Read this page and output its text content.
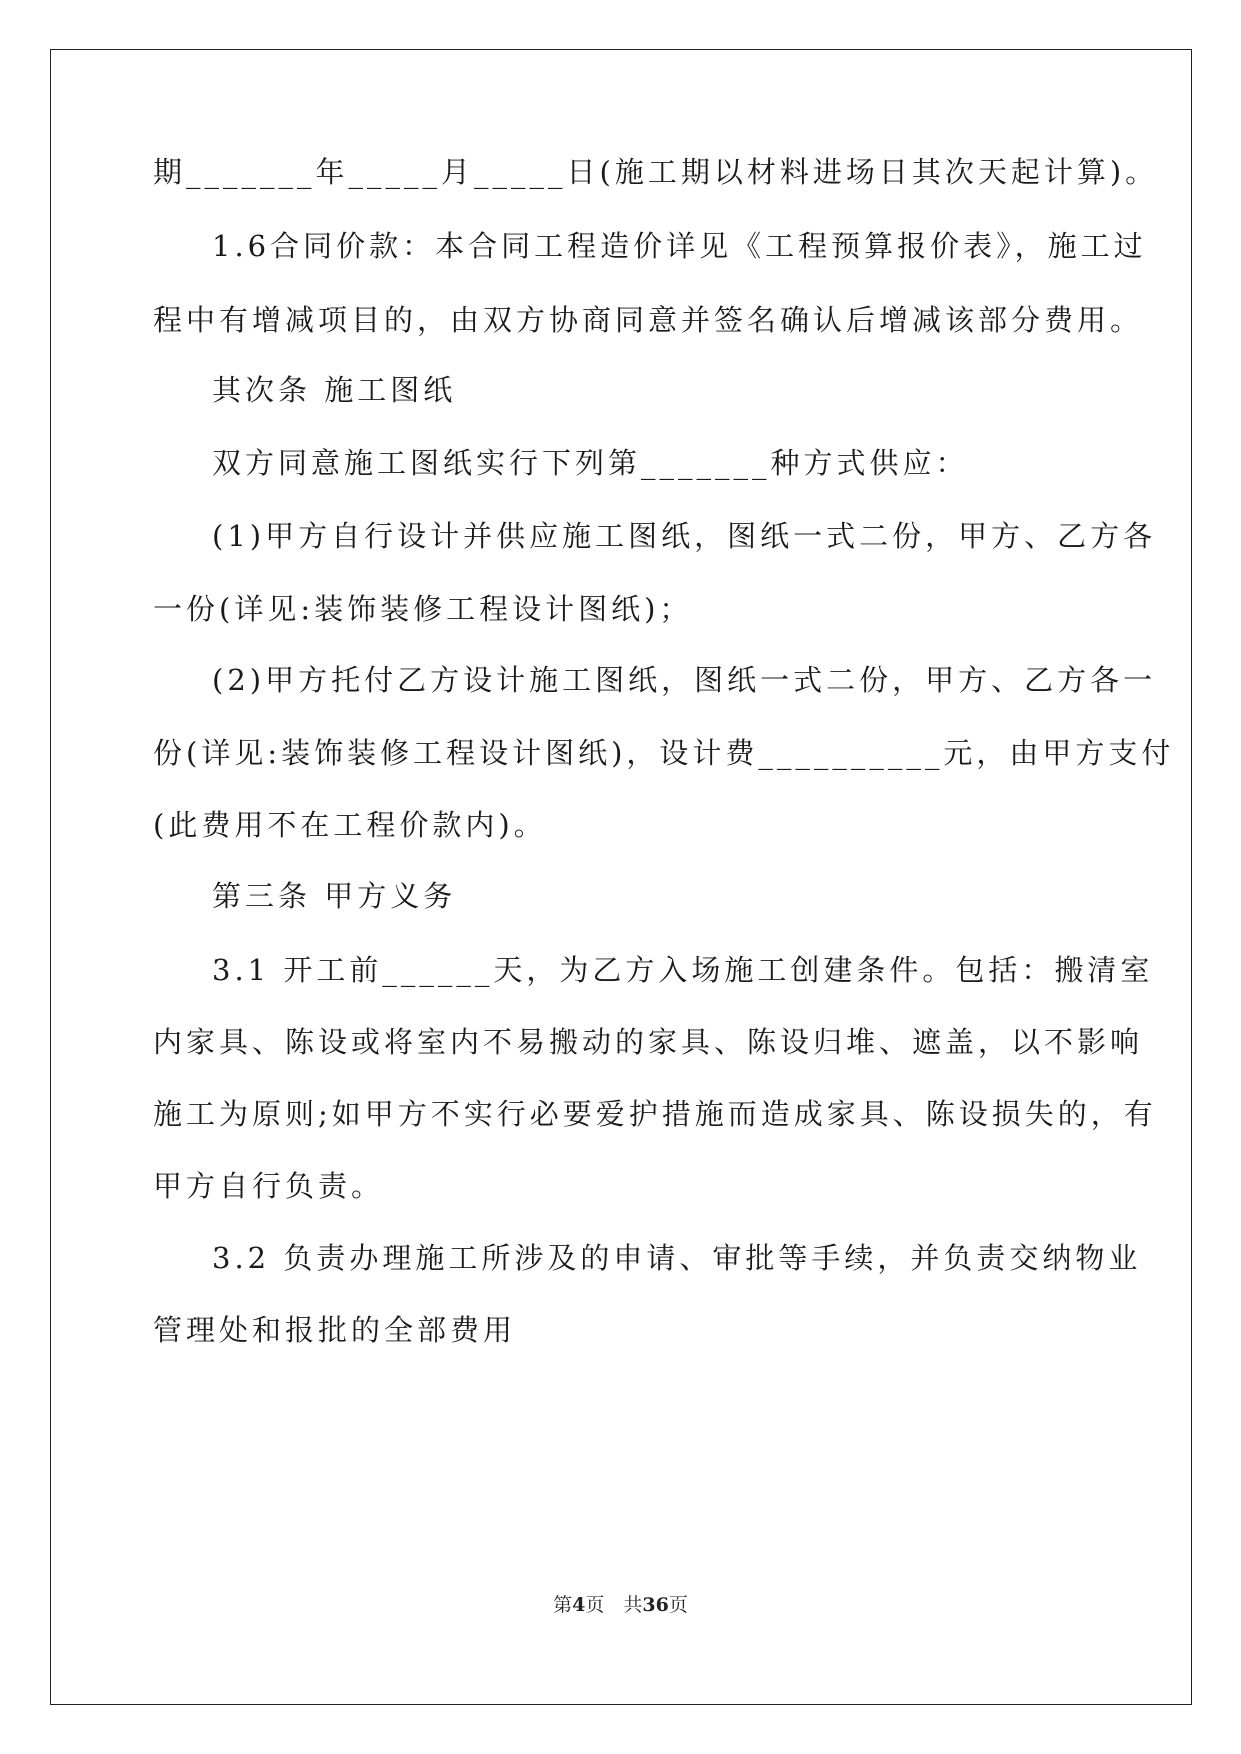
期_______年_____月_____日(施工期以材料进场日其次天起计算)。
1.6合同价款：本合同工程造价详见《工程预算报价表》，施工过
程中有增减项目的，由双方协商同意并签名确认后增减该部分费用。
其次条 施工图纸
双方同意施工图纸实行下列第_______种方式供应：
(1)甲方自行设计并供应施工图纸，图纸一式二份，甲方、乙方各
一份(详见:装饰装修工程设计图纸)；
(2)甲方托付乙方设计施工图纸，图纸一式二份，甲方、乙方各一
份(详见:装饰装修工程设计图纸)，设计费__________元，由甲方支付
(此费用不在工程价款内)。
第三条 甲方义务
3.1 开工前______天，为乙方入场施工创建条件。包括：搬清室
内家具、陈设或将室内不易搬动的家具、陈设归堆、遮盖，以不影响
施工为原则;如甲方不实行必要爱护措施而造成家具、陈设损失的，有
甲方自行负责。
3.2 负责办理施工所涉及的申请、审批等手续，并负责交纳物业
管理处和报批的全部费用
第4页　共36页
